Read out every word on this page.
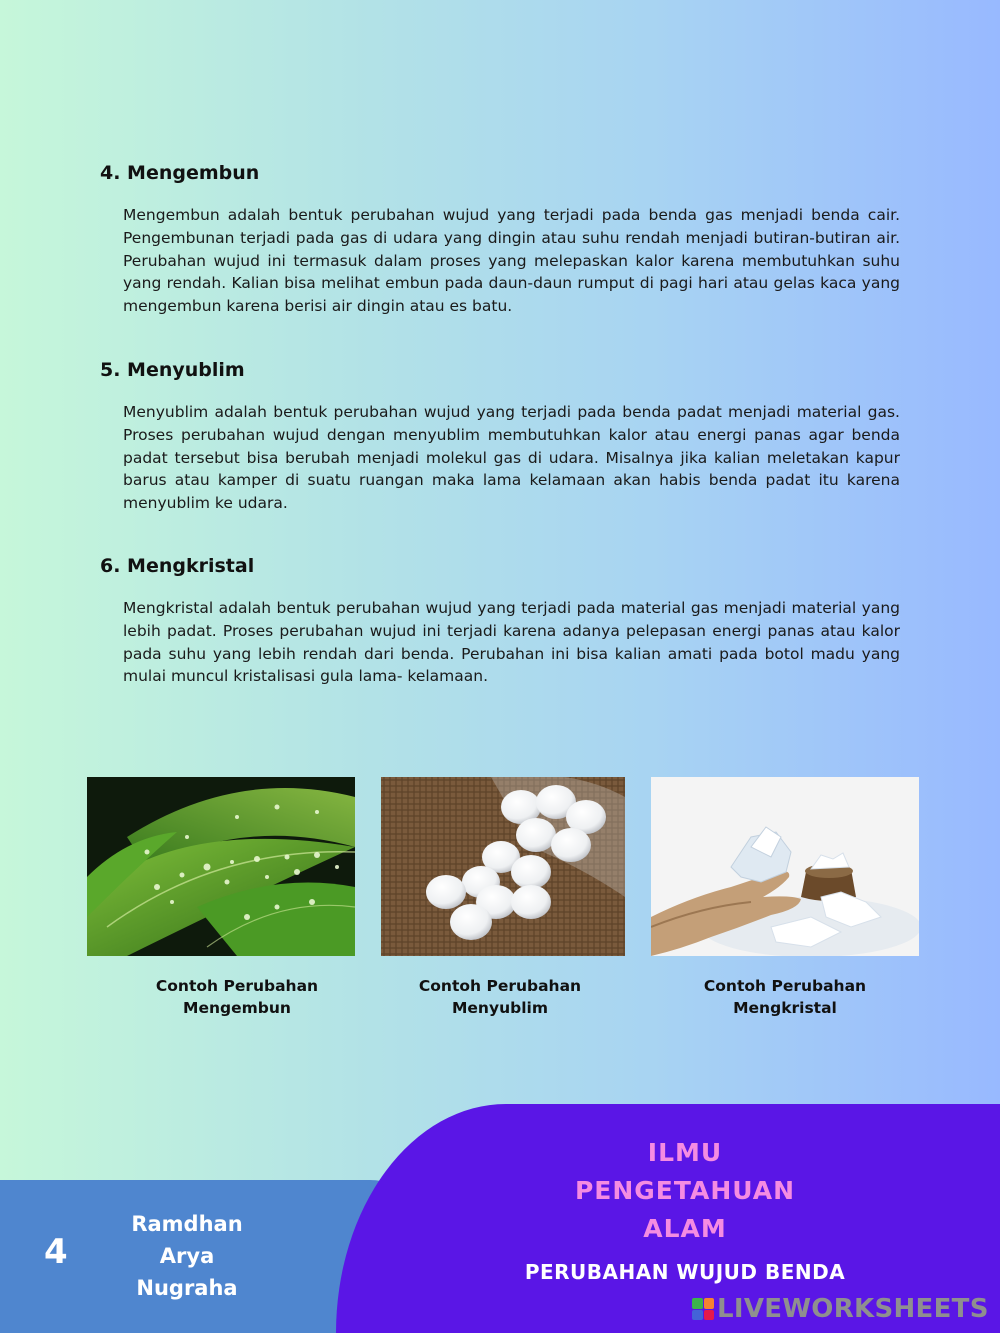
4. Mengembun

Mengembun adalah bentuk perubahan wujud yang terjadi pada benda gas menjadi benda cair. Pengembunan terjadi pada gas di udara yang dingin atau suhu rendah menjadi butiran-butiran air. Perubahan wujud ini termasuk dalam proses yang melepaskan kalor karena membutuhkan suhu yang rendah. Kalian bisa melihat embun pada daun-daun rumput di pagi hari atau gelas kaca yang mengembun karena berisi air dingin atau es batu.

5. Menyublim

Menyublim adalah bentuk perubahan wujud yang terjadi pada benda padat menjadi material gas. Proses perubahan wujud dengan menyublim membutuhkan kalor atau energi panas agar benda padat tersebut bisa berubah menjadi molekul gas di udara. Misalnya jika kalian meletakan kapur barus atau kamper di suatu ruangan maka lama kelamaan akan habis benda padat itu karena menyublim ke udara.

6. Mengkristal

Mengkristal adalah bentuk perubahan wujud yang terjadi pada material gas menjadi material yang lebih padat. Proses perubahan wujud ini terjadi karena adanya pelepasan energi panas atau kalor pada suhu yang lebih rendah dari benda. Perubahan ini bisa kalian amati pada botol madu yang mulai muncul kristalisasi gula lama- kelamaan.

Contoh Perubahan
Mengembun
Contoh Perubahan
Menyublim
Contoh Perubahan
Mengkristal
4
Ramdhan
Arya
Nugraha
ILMU
PENGETAHUAN
ALAM
PERUBAHAN WUJUD BENDA
LIVEWORKSHEETS
